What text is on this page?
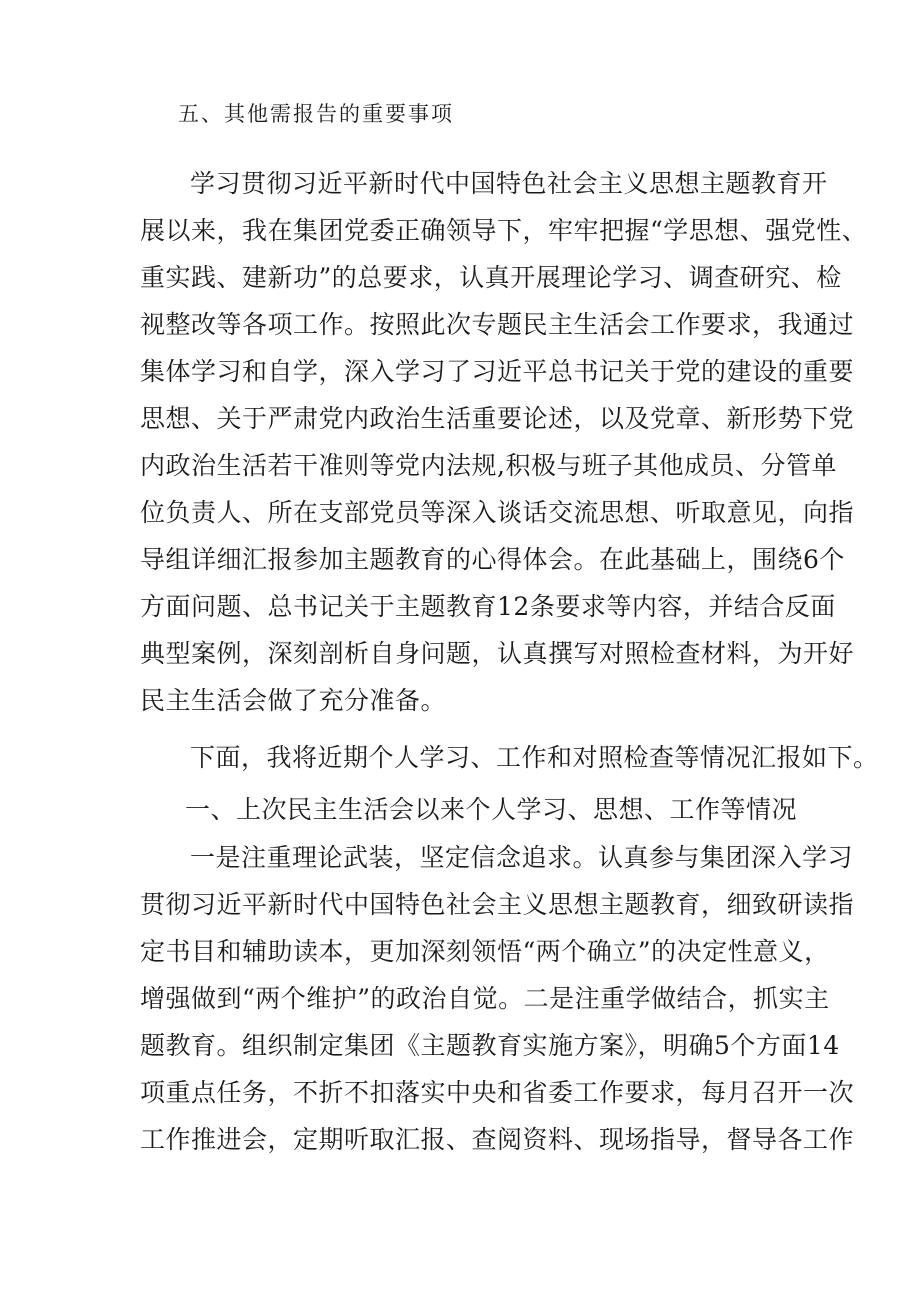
五、其他需报告的重要事项
学习贯彻习近平新时代中国特色社会主义思想主题教育开
展以来，我在集团党委正确领导下，牢牢把握“学思想、强党性、
重实践、建新功”的总要求，认真开展理论学习、调查研究、检
视整改等各项工作。按照此次专题民主生活会工作要求，我通过
集体学习和自学，深入学习了习近平总书记关于党的建设的重要
思想、关于严肃党内政治生活重要论述，以及党章、新形势下党
内政治生活若干准则等党内法规,积极与班子其他成员、分管单
位负责人、所在支部党员等深入谈话交流思想、听取意见，向指
导组详细汇报参加主题教育的心得体会。在此基础上，围绕6个
方面问题、总书记关于主题教育12条要求等内容，并结合反面
典型案例，深刻剖析自身问题，认真撰写对照检查材料，为开好
民主生活会做了充分准备。
下面，我将近期个人学习、工作和对照检查等情况汇报如下。
一、上次民主生活会以来个人学习、思想、工作等情况
一是注重理论武装，坚定信念追求。认真参与集团深入学习
贯彻习近平新时代中国特色社会主义思想主题教育，细致研读指
定书目和辅助读本，更加深刻领悟“两个确立”的决定性意义，
增强做到“两个维护”的政治自觉。二是注重学做结合，抓实主
题教育。组织制定集团《主题教育实施方案》，明确5个方面14
项重点任务，不折不扣落实中央和省委工作要求，每月召开一次
工作推进会，定期听取汇报、查阅资料、现场指导，督导各工作
